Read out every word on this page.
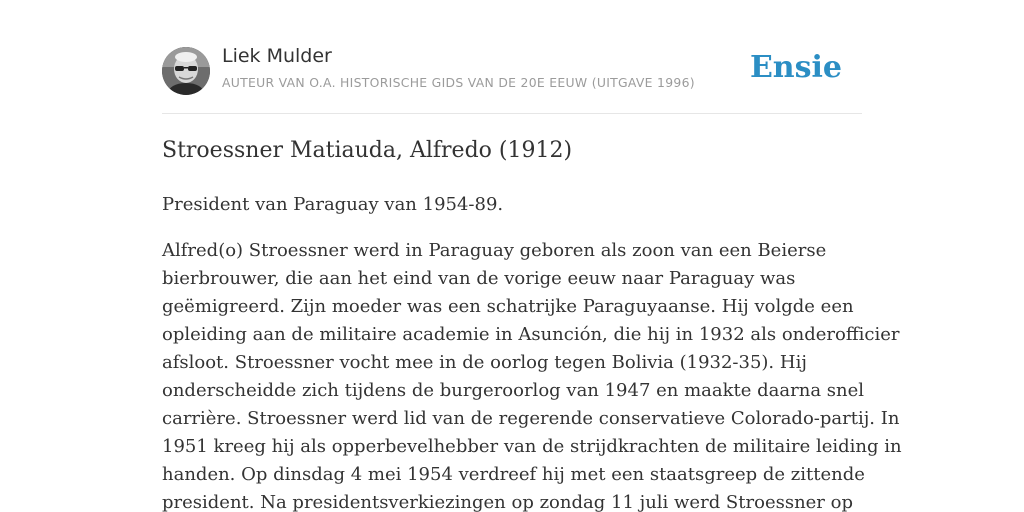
Liek Mulder
AUTEUR VAN O.A. HISTORISCHE GIDS VAN DE 20E EEUW (UITGAVE 1996) Ensie
Stroessner Matiauda, Alfredo (1912)

President van Paraguay van 1954-89.

Alfred(o) Stroessner werd in Paraguay geboren als zoon van een Beierse
bierbrouwer, die aan het eind van de vorige eeuw naar Paraguay was
geëmigreerd. Zijn moeder was een schatrijke Paraguyaanse. Hij volgde een
opleiding aan de militaire academie in Asunción, die hij in 1932 als onderofficier
afsloot. Stroessner vocht mee in de oorlog tegen Bolivia (1932-35). Hij
onderscheidde zich tijdens de burgeroorlog van 1947 en maakte daarna snel
carrière. Stroessner werd lid van de regerende conservatieve Colorado-partij. In
1951 kreeg hij als opperbevelhebber van de strijdkrachten de militaire leiding in
handen. Op dinsdag 4 mei 1954 verdreef hij met een staatsgreep de zittende
president. Na presidentsverkiezingen op zondag 11 juli werd Stroessner op
